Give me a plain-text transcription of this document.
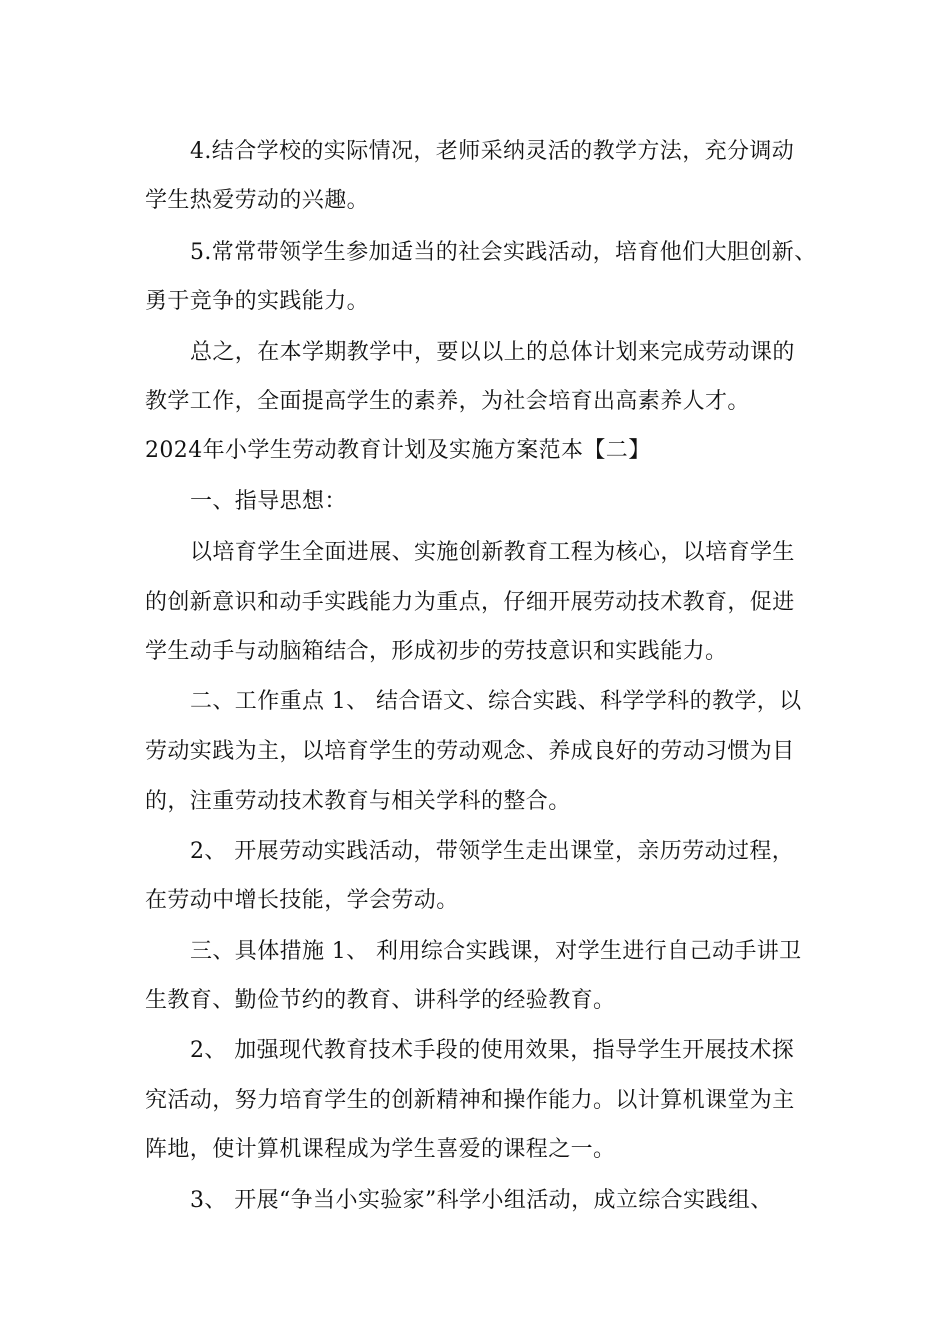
4.结合学校的实际情况，老师采纳灵活的教学方法，充分调动
学生热爱劳动的兴趣。
5.常常带领学生参加适当的社会实践活动，培育他们大胆创新、
勇于竞争的实践能力。
总之，在本学期教学中，要以以上的总体计划来完成劳动课的
教学工作，全面提高学生的素养，为社会培育出高素养人才。
2024年小学生劳动教育计划及实施方案范本【二】
一、指导思想：
以培育学生全面进展、实施创新教育工程为核心，以培育学生
的创新意识和动手实践能力为重点，仔细开展劳动技术教育，促进
学生动手与动脑箱结合，形成初步的劳技意识和实践能力。
二、工作重点 1、 结合语文、综合实践、科学学科的教学，以
劳动实践为主，以培育学生的劳动观念、养成良好的劳动习惯为目
的，注重劳动技术教育与相关学科的整合。
2、 开展劳动实践活动，带领学生走出课堂，亲历劳动过程，
在劳动中增长技能，学会劳动。
三、具体措施 1、 利用综合实践课，对学生进行自己动手讲卫
生教育、勤俭节约的教育、讲科学的经验教育。
2、 加强现代教育技术手段的使用效果，指导学生开展技术探
究活动，努力培育学生的创新精神和操作能力。以计算机课堂为主
阵地，使计算机课程成为学生喜爱的课程之一。
3、 开展“争当小实验家”科学小组活动，成立综合实践组、
